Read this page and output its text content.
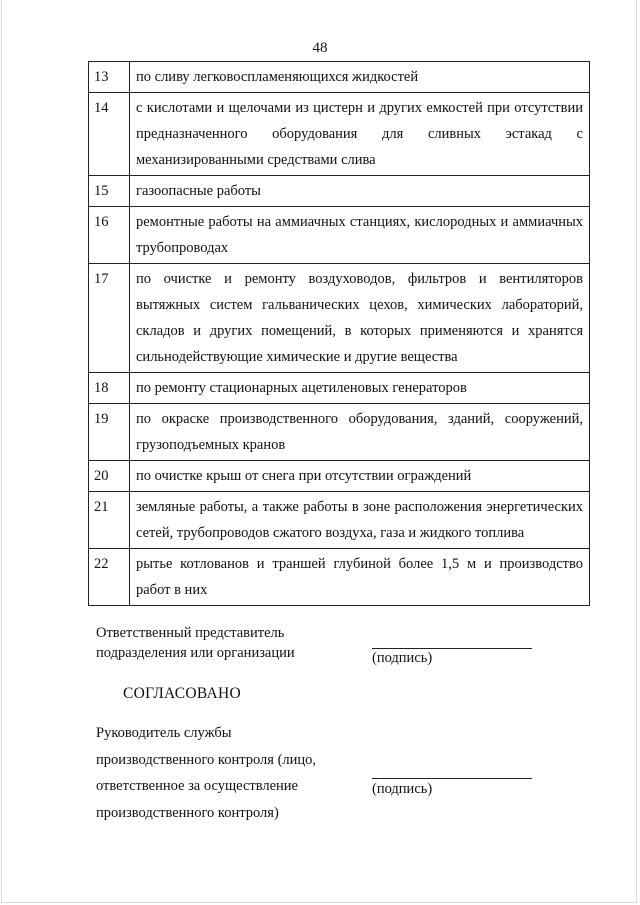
48
13	по сливу легковоспламеняющихся жидкостей
14	с кислотами и щелочами из цистерн и других емкостей при отсутствии предназначенного оборудования для сливных эстакад с механизированными средствами слива
15	газоопасные работы
16	ремонтные работы на аммиачных станциях, кислородных и аммиачных трубопроводах
17	по очистке и ремонту воздуховодов, фильтров и вентиляторов вытяжных систем гальванических цехов, химических лабораторий, складов и других помещений, в которых применяются и хранятся сильнодействующие химические и другие вещества
18	по ремонту стационарных ацетиленовых генераторов
19	по окраске производственного оборудования, зданий, сооружений, грузоподъемных кранов
20	по очистке крыш от снега при отсутствии ограждений
21	земляные работы, а также работы в зоне расположения энергетических сетей, трубопроводов сжатого воздуха, газа и жидкого топлива
22	рытье котлованов и траншей глубиной более 1,5 м и производство работ в них
Ответственный представитель
подразделения или организации	(подпись)
СОГЛАСОВАНО
Руководитель службы
производственного контроля (лицо,
ответственное за осуществление
производственного контроля)
(подпись)
